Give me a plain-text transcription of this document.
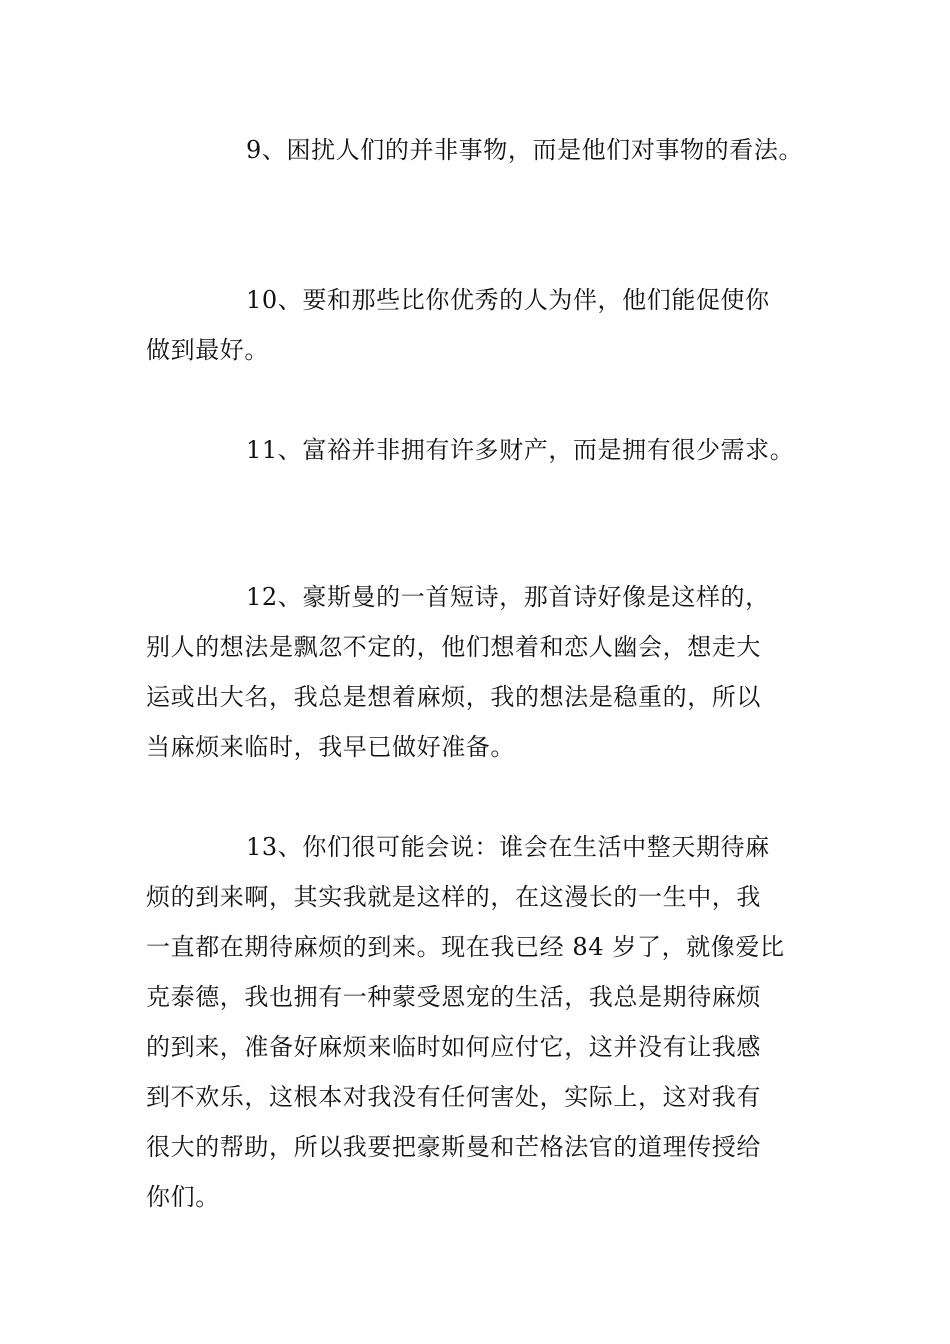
9、困扰人们的并非事物，而是他们对事物的看法。

10、要和那些比你优秀的人为伴，他们能促使你
做到最好。

11、富裕并非拥有许多财产，而是拥有很少需求。

12、豪斯曼的一首短诗，那首诗好像是这样的，
别人的想法是飘忽不定的，他们想着和恋人幽会，想走大
运或出大名，我总是想着麻烦，我的想法是稳重的，所以
当麻烦来临时，我早已做好准备。

13、你们很可能会说：谁会在生活中整天期待麻
烦的到来啊，其实我就是这样的，在这漫长的一生中，我
一直都在期待麻烦的到来。现在我已经 84 岁了，就像爱比
克泰德，我也拥有一种蒙受恩宠的生活，我总是期待麻烦
的到来，准备好麻烦来临时如何应付它，这并没有让我感
到不欢乐，这根本对我没有任何害处，实际上，这对我有
很大的帮助，所以我要把豪斯曼和芒格法官的道理传授给
你们。
